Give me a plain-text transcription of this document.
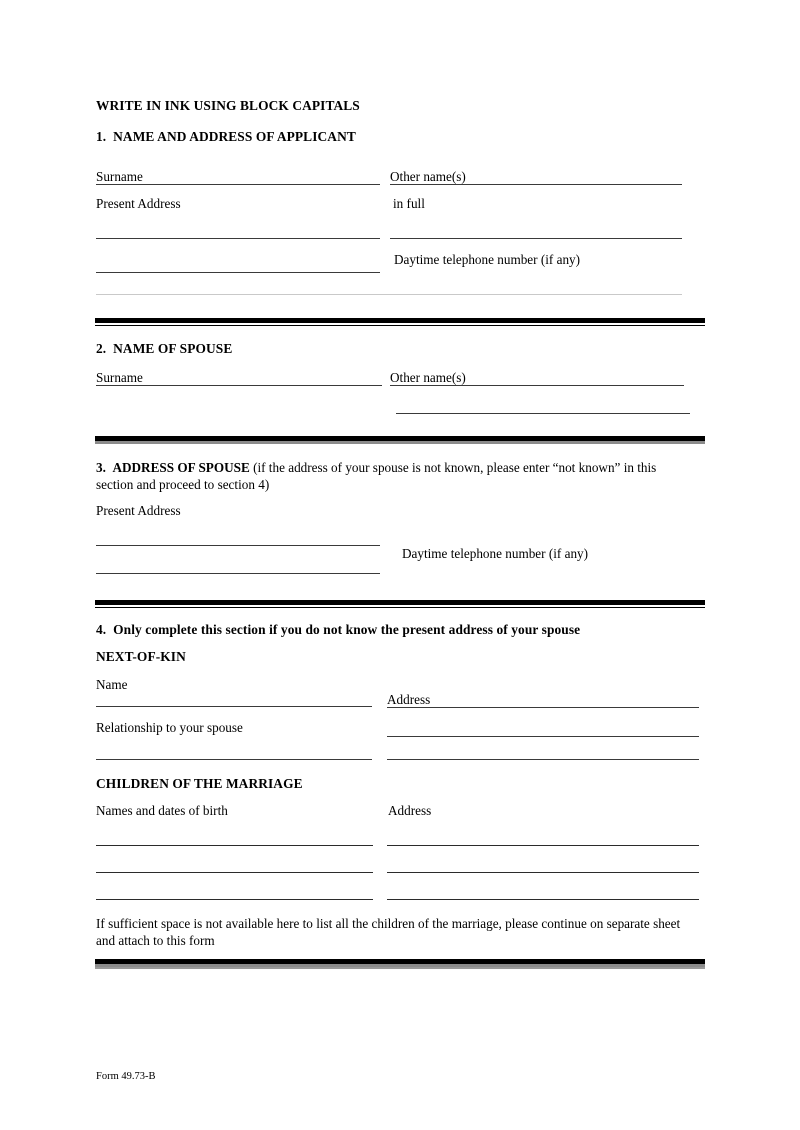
WRITE IN INK USING BLOCK CAPITALS
1. NAME AND ADDRESS OF APPLICANT
Surname	Other name(s)
Present Address	in full
Daytime telephone number (if any)
2. NAME OF SPOUSE
Surname	Other name(s)
3. ADDRESS OF SPOUSE (if the address of your spouse is not known, please enter “not known” in this section and proceed to section 4)
Present Address
Daytime telephone number (if any)
4. Only complete this section if you do not know the present address of your spouse
NEXT-OF-KIN
Name
Address
Relationship to your spouse
CHILDREN OF THE MARRIAGE
Names and dates of birth	Address
If sufficient space is not available here to list all the children of the marriage, please continue on separate sheet and attach to this form
Form 49.73-B
